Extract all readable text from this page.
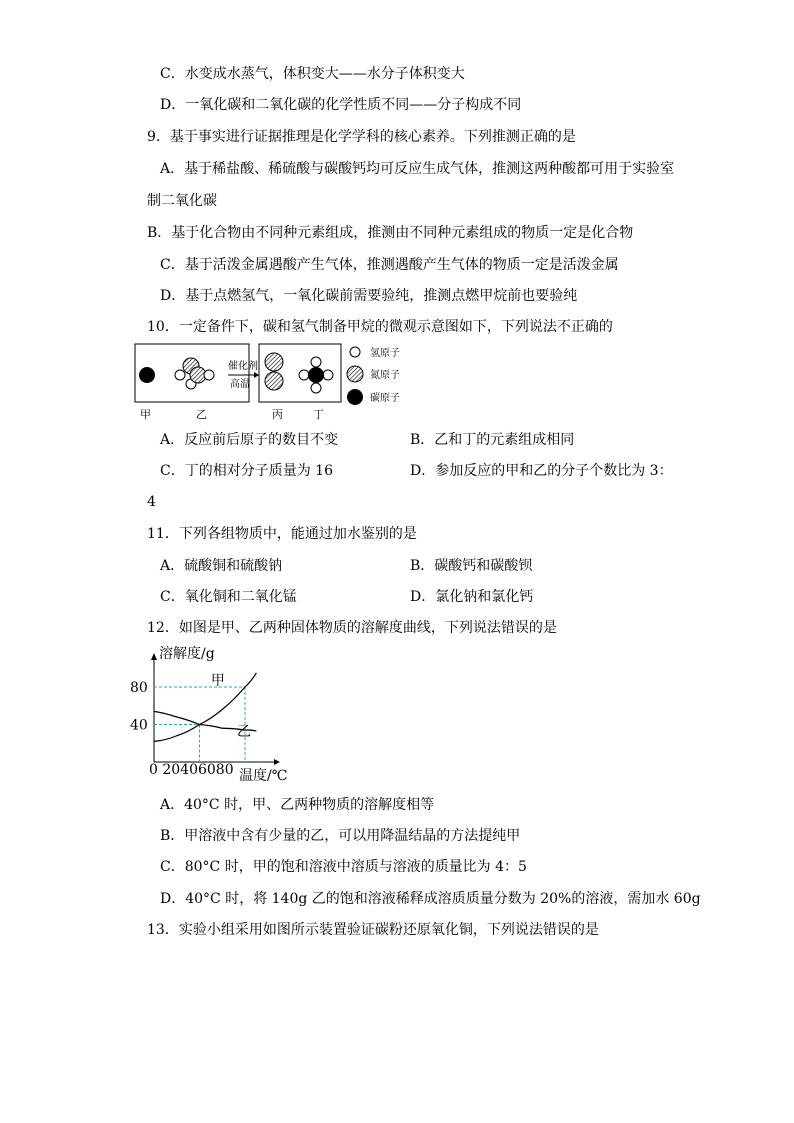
C．水变成水蒸气，体积变大——水分子体积变大
D．一氧化碳和二氧化碳的化学性质不同——分子构成不同
9．基于事实进行证据推理是化学学科的核心素养。下列推测正确的是
A．基于稀盐酸、稀硫酸与碳酸钙均可反应生成气体，推测这两种酸都可用于实验室
制二氧化碳
B．基于化合物由不同种元素组成，推测由不同种元素组成的物质一定是化合物
C．基于活泼金属遇酸产生气体，推测遇酸产生气体的物质一定是活泼金属
D．基于点燃氢气，一氧化碳前需要验纯，推测点燃甲烷前也要验纯
10．一定备件下，碳和氢气制备甲烷的微观示意图如下，下列说法不正确的
催化剂
高温
氢原子
氮原子
碳原子
甲	乙	丙	丁
A．反应前后原子的数目不变	B．乙和丁的元素组成相同
C．丁的相对分子质量为 16	D．参加反应的甲和乙的分子个数比为 3：
4
11．下列各组物质中，能通过加水鉴别的是
A．硫酸铜和硫酸钠	B．碳酸钙和碳酸钡
C．氧化铜和二氧化锰	D．氯化钠和氯化钙
12．如图是甲、乙两种固体物质的溶解度曲线，下列说法错误的是
溶解度/g
温度/℃
0 20406080
80
40
甲
乙
A．40°C 时，甲、乙两种物质的溶解度相等
B．甲溶液中含有少量的乙，可以用降温结晶的方法提纯甲
C．80°C 时，甲的饱和溶液中溶质与溶液的质量比为 4：5
D．40°C 时，将 140g 乙的饱和溶液稀释成溶质质量分数为 20%的溶液，需加水 60g
13．实验小组采用如图所示装置验证碳粉还原氧化铜，下列说法错误的是
